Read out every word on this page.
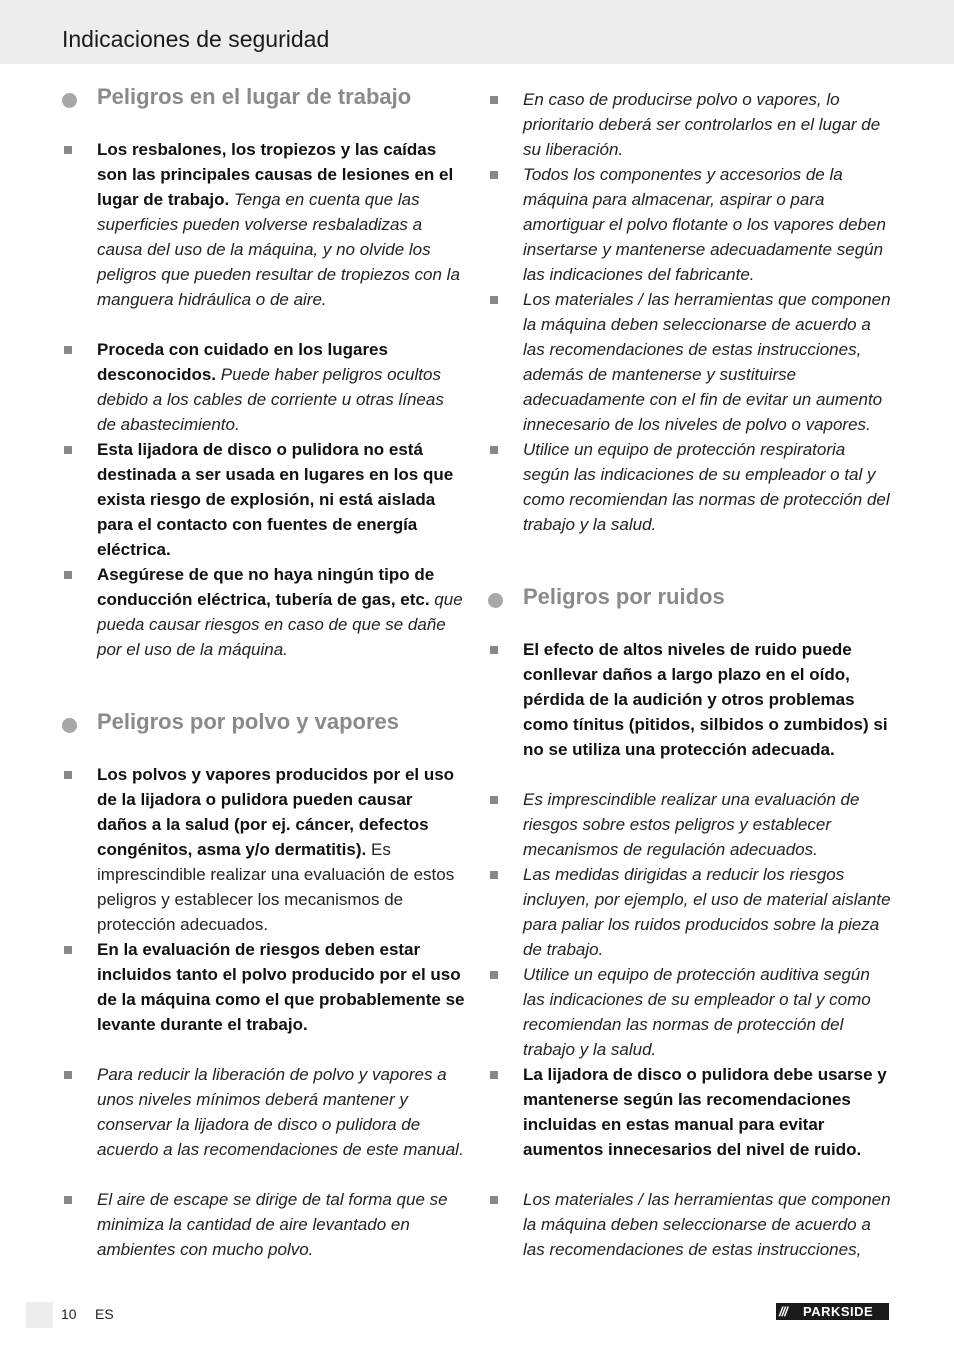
Indicaciones de seguridad
Peligros en el lugar de trabajo
Los resbalones, los tropiezos y las caídas son las principales causas de lesiones en el lugar de trabajo. Tenga en cuenta que las superficies pueden volverse resbaladizas a causa del uso de la máquina, y no olvide los peligros que pueden resultar de tropiezos con la manguera hidráulica o de aire.
Proceda con cuidado en los lugares desconocidos. Puede haber peligros ocultos debido a los cables de corriente u otras líneas de abastecimiento.
Esta lijadora de disco o pulidora no está destinada a ser usada en lugares en los que exista riesgo de explosión, ni está aislada para el contacto con fuentes de energía eléctrica.
Asegúrese de que no haya ningún tipo de conducción eléctrica, tubería de gas, etc. que pueda causar riesgos en caso de que se dañe por el uso de la máquina.
Peligros por polvo y vapores
Los polvos y vapores producidos por el uso de la lijadora o pulidora pueden causar daños a la salud (por ej. cáncer, defectos congénitos, asma y/o dermatitis). Es imprescindible realizar una evaluación de estos peligros y establecer los mecanismos de protección adecuados.
En la evaluación de riesgos deben estar incluidos tanto el polvo producido por el uso de la máquina como el que probablemente se levante durante el trabajo.
Para reducir la liberación de polvo y vapores a unos niveles mínimos deberá mantener y conservar la lijadora de disco o pulidora de acuerdo a las recomendaciones de este manual.
El aire de escape se dirige de tal forma que se minimiza la cantidad de aire levantado en ambientes con mucho polvo.
En caso de producirse polvo o vapores, lo prioritario deberá ser controlarlos en el lugar de su liberación.
Todos los componentes y accesorios de la máquina para almacenar, aspirar o para amortiguar el polvo flotante o los vapores deben insertarse y mantenerse adecuadamente según las indicaciones del fabricante.
Los materiales / las herramientas que componen la máquina deben seleccionarse de acuerdo a las recomendaciones de estas instrucciones, además de mantenerse y sustituirse adecuadamente con el fin de evitar un aumento innecesario de los niveles de polvo o vapores.
Utilice un equipo de protección respiratoria según las indicaciones de su empleador o tal y como recomiendan las normas de protección del trabajo y la salud.
Peligros por ruidos
El efecto de altos niveles de ruido puede conllevar daños a largo plazo en el oído, pérdida de la audición y otros problemas como tínitus (pitidos, silbidos o zumbidos) si no se utiliza una protección adecuada.
Es imprescindible realizar una evaluación de riesgos sobre estos peligros y establecer mecanismos de regulación adecuados.
Las medidas dirigidas a reducir los riesgos incluyen, por ejemplo, el uso de material aislante para paliar los ruidos producidos sobre la pieza de trabajo.
Utilice un equipo de protección auditiva según las indicaciones de su empleador o tal y como recomiendan las normas de protección del trabajo y la salud.
La lijadora de disco o pulidora debe usarse y mantenerse según las recomendaciones incluidas en estas manual para evitar aumentos innecesarios del nivel de ruido.
Los materiales / las herramientas que componen la máquina deben seleccionarse de acuerdo a las recomendaciones de estas instrucciones,
10 ES	/// PARKSIDE
